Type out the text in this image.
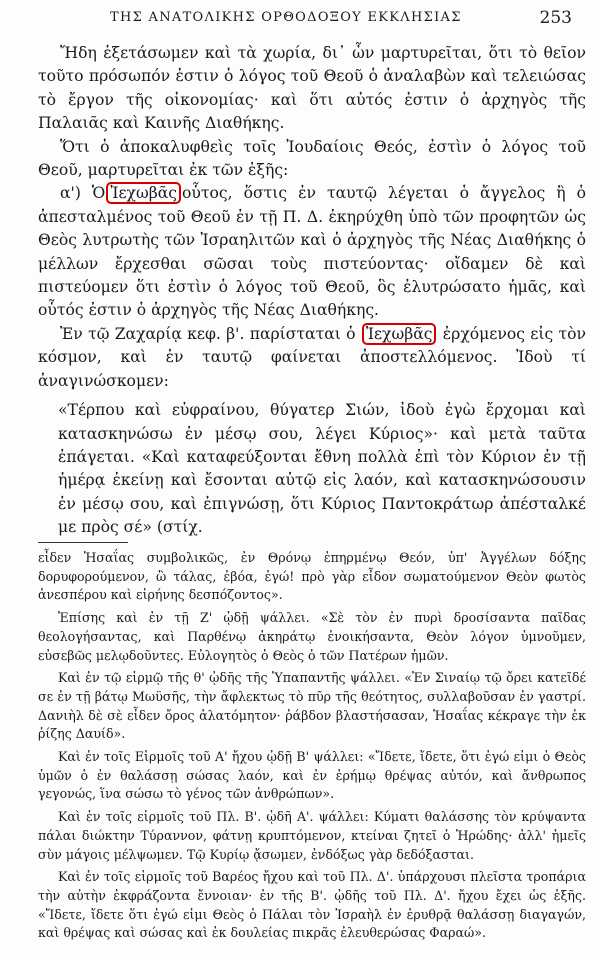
ΤΗΣ ΑΝΑΤΟΛΙΚΗΣ ΟΡΘΟΔΟΞΟΥ ΕΚΚΛΗΣΙΑΣ	253

Ἤδη ἐξετάσωμεν καὶ τὰ χωρία, δι᾽ ὧν μαρτυρεῖται, ὅτι τὸ θεῖον τοῦτο πρόσωπόν ἐστιν ὁ λόγος τοῦ Θεοῦ ὁ ἀναλαβὼν καὶ τελειώσας τὸ ἔργον τῆς οἰκονομίας· καὶ ὅτι αὐτός ἐστιν ὁ ἀρχηγὸς τῆς Παλαιᾶς καὶ Καινῆς Διαθήκης.

Ὅτι ὁ ἀποκαλυφθεὶς τοῖς Ἰουδαίοις Θεός, ἐστὶν ὁ λόγος τοῦ Θεοῦ, μαρτυρεῖται ἐκ τῶν ἑξῆς:

α') Ὁ Ἰεχωβᾶς οὗτος, ὅστις ἐν ταυτῷ λέγεται ὁ ἄγγελος ἢ ὁ ἀπεσταλμένος τοῦ Θεοῦ ἐν τῇ Π. Δ. ἐκηρύχθη ὑπὸ τῶν προφητῶν ὡς Θεὸς λυτρωτὴς τῶν Ἰσραηλιτῶν καὶ ὁ ἀρχηγὸς τῆς Νέας Διαθήκης ὁ μέλλων ἔρχεσθαι σῶσαι τοὺς πιστεύοντας· οἴδαμεν δὲ καὶ πιστεύομεν ὅτι ἐστὶν ὁ λόγος τοῦ Θεοῦ, ὃς ἐλυτρώσατο ἡμᾶς, καὶ οὗτός ἐστιν ὁ ἀρχηγὸς τῆς Νέας Διαθήκης.

Ἐν τῷ Ζαχαρίᾳ κεφ. β'. παρίσταται ὁ Ἰεχωβᾶς ἐρχόμενος εἰς τὸν κόσμον, καὶ ἐν ταυτῷ φαίνεται ἀποστελλόμενος. Ἰδοὺ τί ἀναγινώσκομεν:

«Τέρπου καὶ εὐφραίνου, θύγατερ Σιών, ἰδοὺ ἐγὼ ἔρχομαι καὶ κατασκηνώσω ἐν μέσῳ σου, λέγει Κύριος»· καὶ μετὰ ταῦτα ἐπάγεται. «Καὶ καταφεύξονται ἔθνη πολλὰ ἐπὶ τὸν Κύριον ἐν τῇ ἡμέρᾳ ἐκείνῃ καὶ ἔσονται αὐτῷ εἰς λαόν, καὶ κατασκηνώσουσιν ἐν μέσῳ σου, καὶ ἐπιγνώσῃ, ὅτι Κύριος Παντοκράτωρ ἀπέσταλκέ με πρὸς σέ» (στίχ.

εἶδεν Ἡσαΐας συμβολικῶς, ἐν Θρόνῳ ἐπηρμένῳ Θεόν, ὑπ' Ἀγγέλων δόξης δορυφορούμενον, ὢ τάλας, ἐβόα, ἐγώ! πρὸ γὰρ εἶδον σωματούμενον Θεὸν φωτὸς ἀνεσπέρου καὶ εἰρήνης δεσπόζοντος».

Ἐπίσης καὶ ἐν τῇ Ζ' ᾠδῇ ψάλλει. «Σὲ τὸν ἐν πυρὶ δροσίσαντα παῖδας θεολογήσαντας, καὶ Παρθένῳ ἀκηράτῳ ἐνοικήσαντα, Θεὸν λόγον ὑμνοῦμεν, εὐσεβῶς μελῳδοῦντες. Εὐλογητὸς ὁ Θεὸς ὁ τῶν Πατέρων ἡμῶν.

Καὶ ἐν τῷ εἱρμῷ τῆς θ' ᾠδῆς τῆς Ὑπαπαντῆς ψάλλει. «Ἐν Σιναίῳ τῷ ὄρει κατεῖδέ σε ἐν τῇ βάτῳ Μωϋσῆς, τὴν ἄφλεκτως τὸ πῦρ τῆς θεότητος, συλλαβοῦσαν ἐν γαστρί. Δανιὴλ δὲ σὲ εἶδεν ὄρος ἀλατόμητον· ῥάβδον βλαστήσασαν, Ἡσαΐας κέκραγε τὴν ἐκ ῥίζης Δαυίδ».

Καὶ ἐν τοῖς Εἱρμοῖς τοῦ Α' ἤχου ᾠδῇ Β' ψάλλει: «Ἴδετε, ἴδετε, ὅτι ἐγώ εἰμι ὁ Θεὸς ὑμῶν ὁ ἐν θαλάσσῃ σώσας λαόν, καὶ ἐν ἐρήμῳ θρέψας αὐτόν, καὶ ἄνθρωπος γεγονώς, ἵνα σώσω τὸ γένος τῶν ἀνθρώπων».

Καὶ ἐν τοῖς εἱρμοῖς τοῦ Πλ. Β'. ᾠδῆ Α'. ψάλλει: Κύματι θαλάσσης τὸν κρύψαντα πάλαι διώκτην Τύραννον, φάτνῃ κρυπτόμενον, κτείναι ζητεῖ ὁ Ἡρώδης· ἀλλ' ἡμεῖς σὺν μάγοις μέλψωμεν. Τῷ Κυρίῳ ᾄσωμεν, ἐνδόξως γὰρ δεδόξασται.

Καὶ ἐν τοῖς εἱρμοῖς τοῦ Βαρέος ἤχου καὶ τοῦ Πλ. Δ'. ὑπάρχουσι πλεῖστα τροπάρια τὴν αὐτὴν ἐκφράζοντα ἔννοιαν· ἐν τῆς Β'. ᾠδῆς τοῦ Πλ. Δ'. ἤχου ἔχει ὡς ἑξῆς. «Ἴδετε, ἴδετε ὅτι ἐγώ εἰμι Θεὸς ὁ Πάλαι τὸν Ἰσραὴλ ἐν ἐρυθρᾷ θαλάσσῃ διαγαγών, καὶ θρέψας καὶ σώσας καὶ ἐκ δουλείας πικρᾶς ἐλευθερώσας Φαραώ».
